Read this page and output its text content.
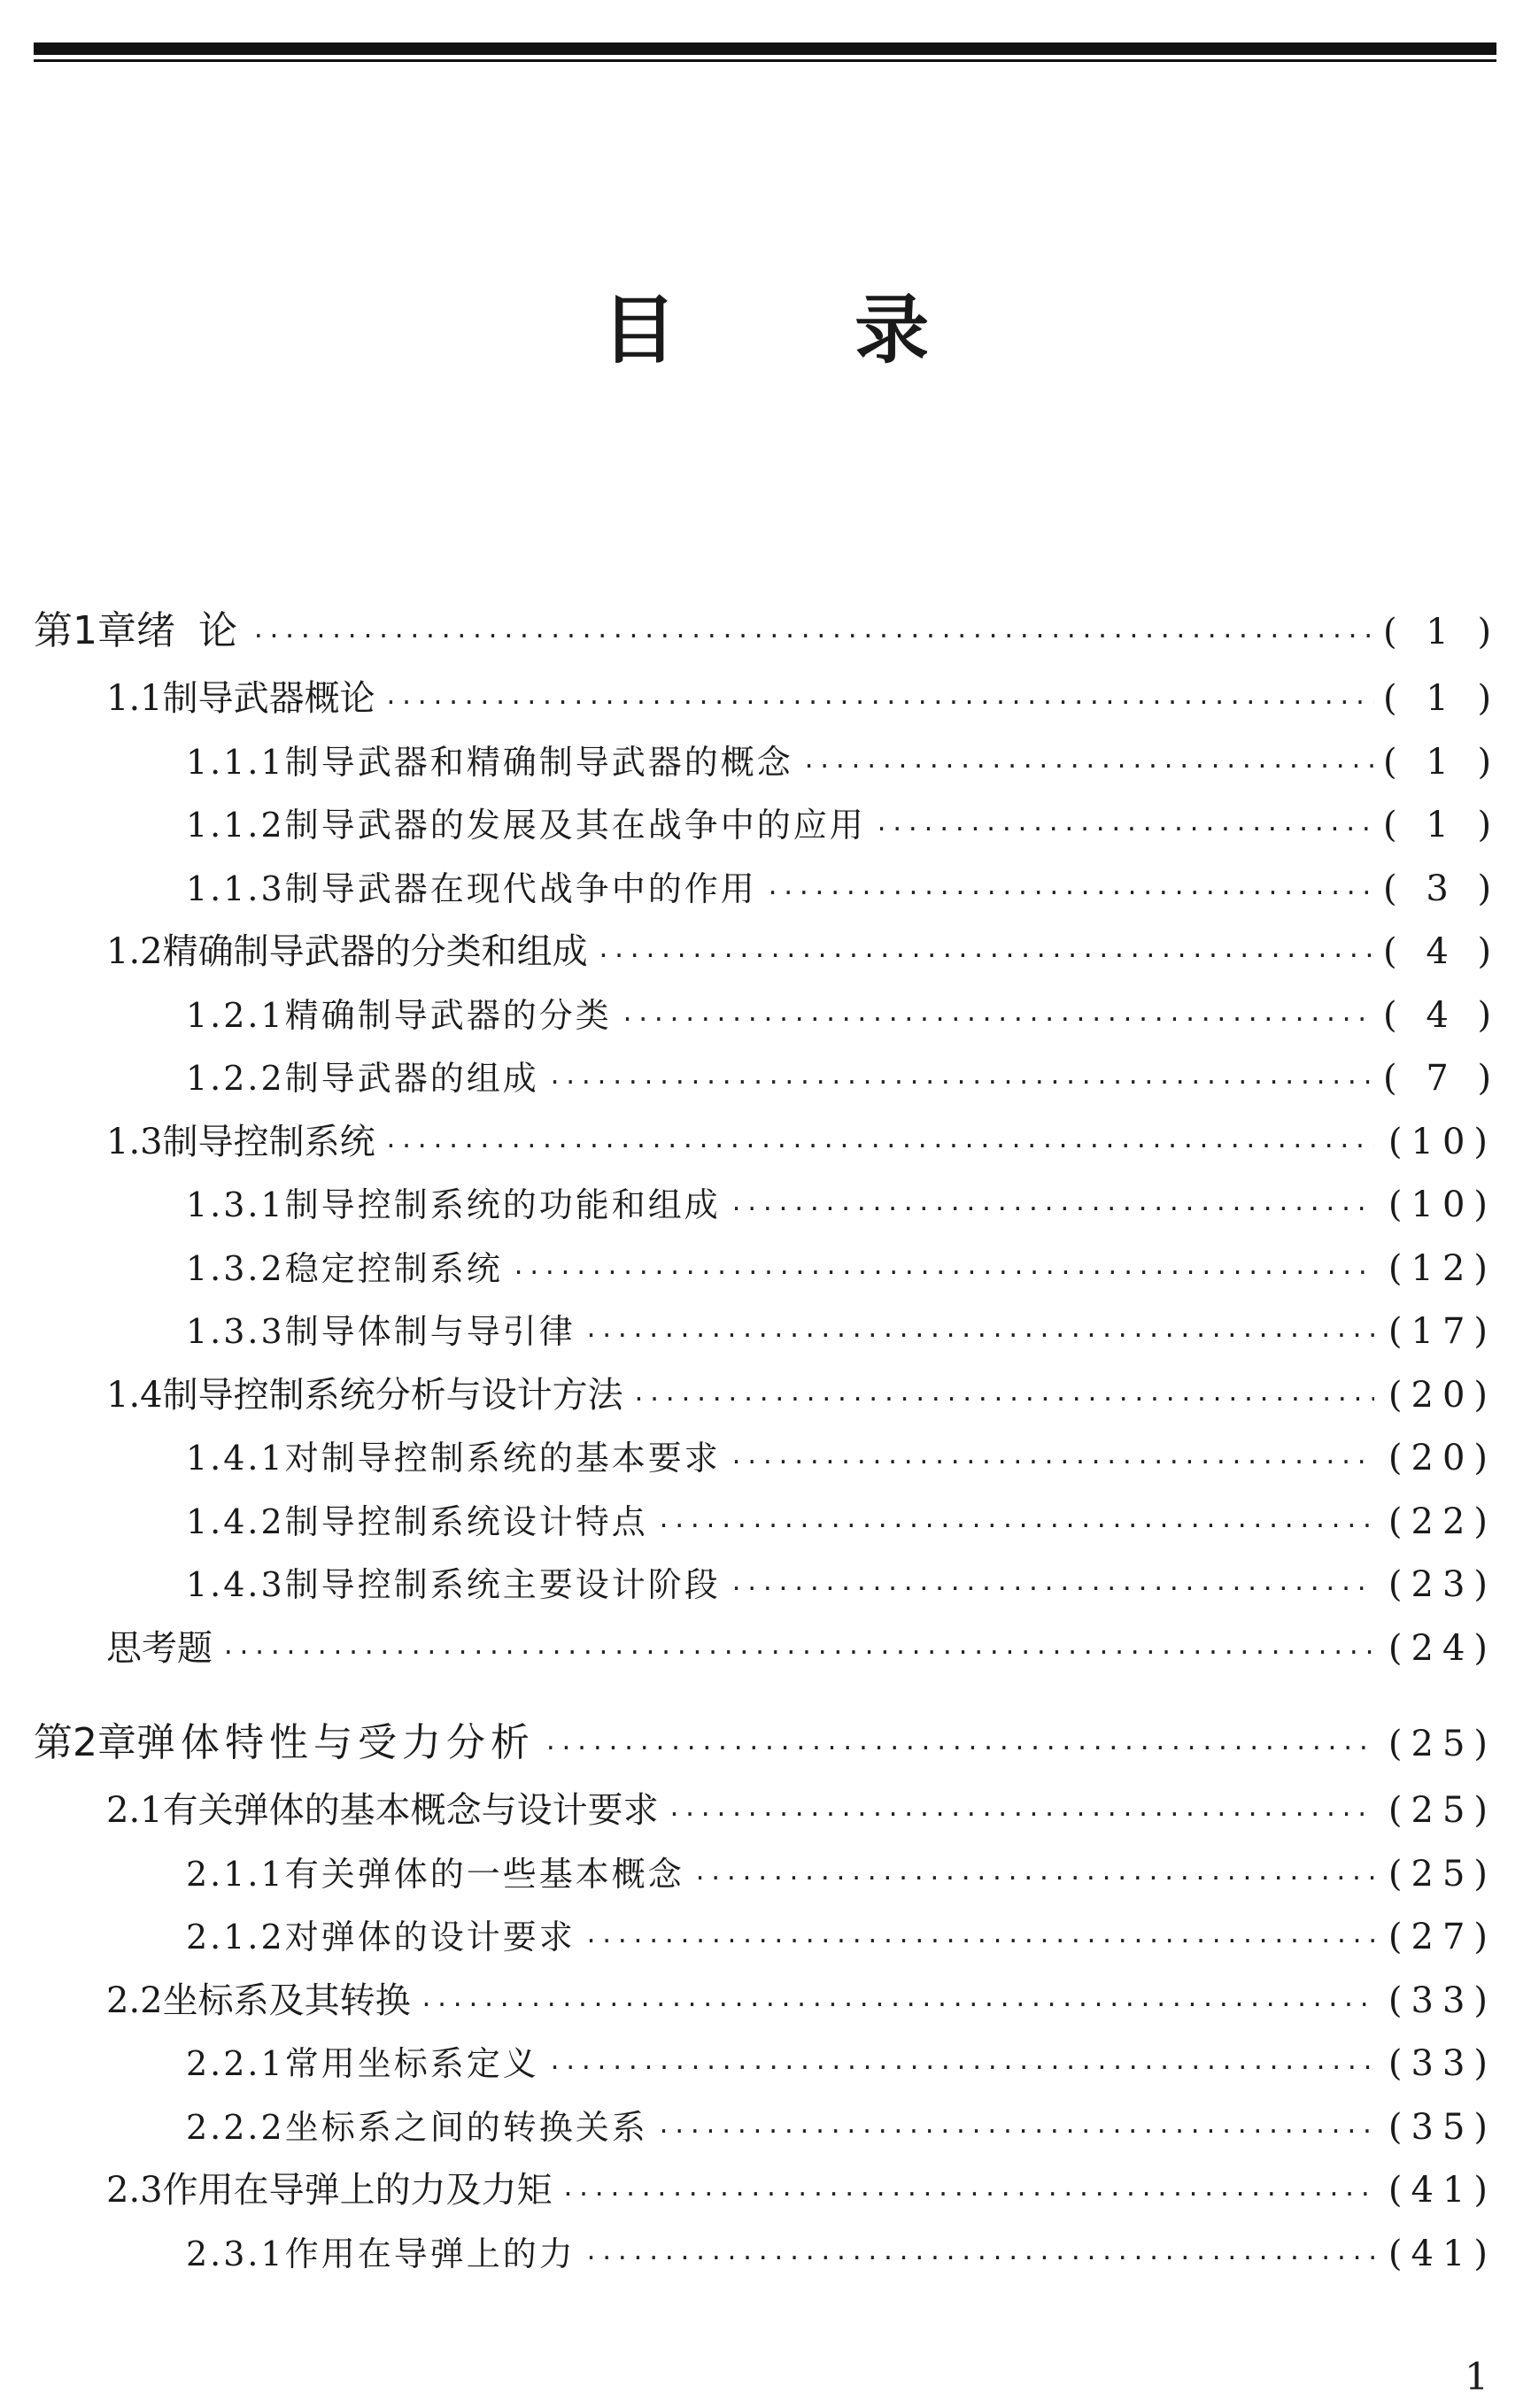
目 录
第1章 绪 论 ·····	( 1 )
1.1 制导武器概论 ·····	( 1 )
1.1.1 制导武器和精确制导武器的概念 ·····	( 1 )
1.1.2 制导武器的发展及其在战争中的应用 ·····	( 1 )
1.1.3 制导武器在现代战争中的作用 ·····	( 3 )
1.2 精确制导武器的分类和组成 ·····	( 4 )
1.2.1 精确制导武器的分类 ·····	( 4 )
1.2.2 制导武器的组成 ·····	( 7 )
1.3 制导控制系统 ·····	(10)
1.3.1 制导控制系统的功能和组成 ·····	(10)
1.3.2 稳定控制系统 ·····	(12)
1.3.3 制导体制与导引律 ·····	(17)
1.4 制导控制系统分析与设计方法 ·····	(20)
1.4.1 对制导控制系统的基本要求 ·····	(20)
1.4.2 制导控制系统设计特点 ·····	(22)
1.4.3 制导控制系统主要设计阶段 ·····	(23)
思考题 ·····	(24)
第2章 弹体特性与受力分析 ·····	(25)
2.1 有关弹体的基本概念与设计要求 ·····	(25)
2.1.1 有关弹体的一些基本概念 ·····	(25)
2.1.2 对弹体的设计要求 ·····	(27)
2.2 坐标系及其转换 ·····	(33)
2.2.1 常用坐标系定义 ·····	(33)
2.2.2 坐标系之间的转换关系 ·····	(35)
2.3 作用在导弹上的力及力矩 ·····	(41)
2.3.1 作用在导弹上的力 ·····	(41)
1
